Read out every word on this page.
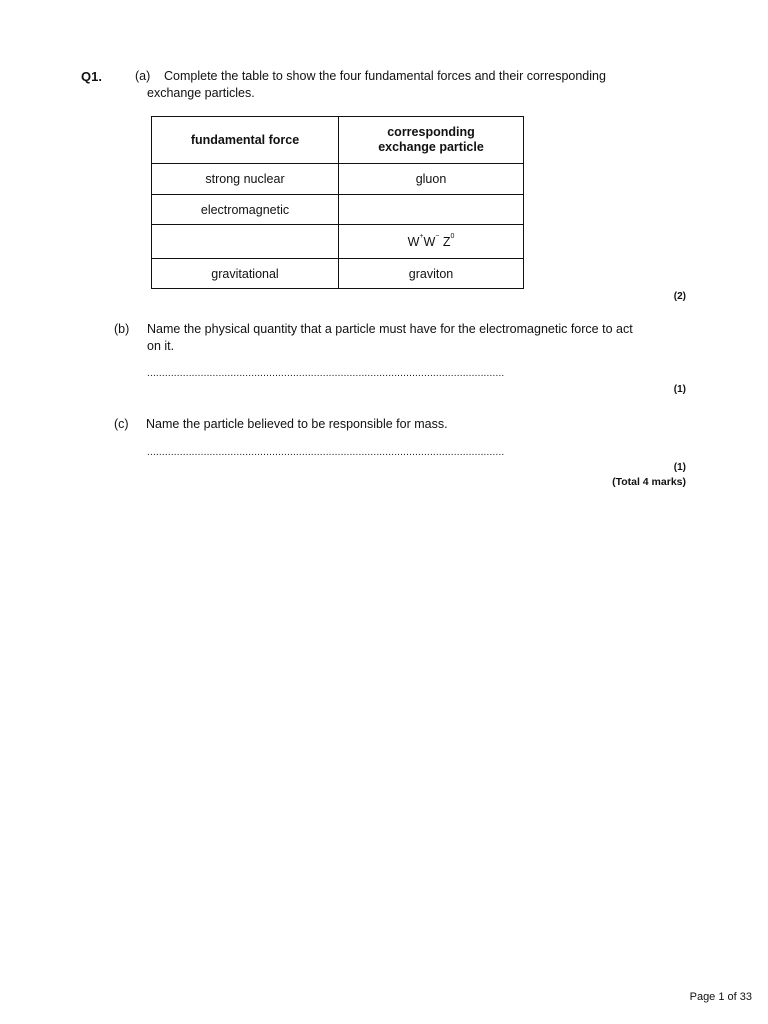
Q1.	(a) Complete the table to show the four fundamental forces and their corresponding
exchange particles.
fundamental force	corresponding
exchange particle
strong nuclear	gluon
electromagnetic	
	W+W− $Z^0$
gravitational	graviton
(2)
(b) Name the physical quantity that a particle must have for the electromagnetic force to act
on it.
........................................................................................................................
(1)
(c) Name the particle believed to be responsible for mass.
........................................................................................................................
(1)
(Total 4 marks)
Page 1 of 33
